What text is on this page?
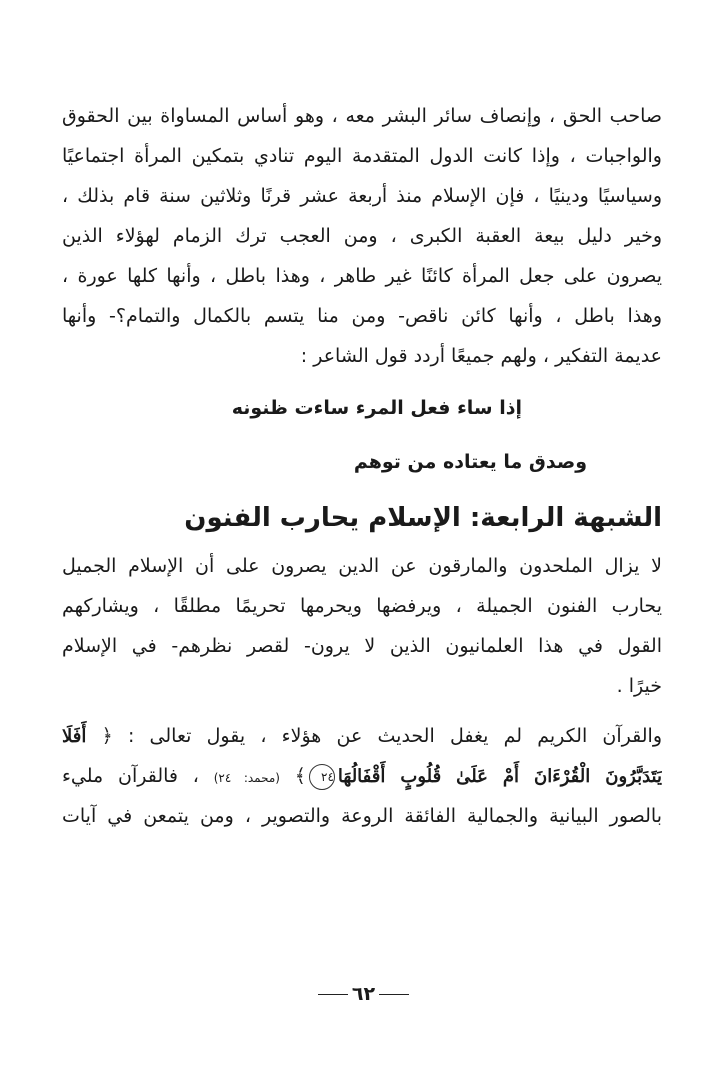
صاحب الحق ، وإنصاف سائر البشر معه ، وهو أساس المساواة بين الحقوق
والواجبات ، وإذا كانت الدول المتقدمة اليوم تنادي بتمكين المرأة اجتماعيًا
وسياسيًا ودينيًا ، فإن الإسلام منذ أربعة عشر قرنًا وثلاثين سنة قام بذلك ،
وخير دليل بيعة العقبة الكبرى ، ومن العجب ترك الزمام لهؤلاء الذين
يصرون على جعل المرأة كائنًا غير طاهر ، وهذا باطل ، وأنها كلها عورة ،
وهذا باطل ، وأنها كائن ناقص- ومن منا يتسم بالكمال والتمام؟- وأنها
عديمة التفكير ، ولهم جميعًا أردد قول الشاعر :
إذا ساء فعل المرء ساءت ظنونه
وصدق ما يعتاده من توهم
الشبهة الرابعة: الإسلام يحارب الفنون
لا يزال الملحدون والمارقون عن الدين يصرون على أن الإسلام الجميل
يحارب الفنون الجميلة ، ويرفضها ويحرمها تحريمًا مطلقًا ، ويشاركهم
القول في هذا العلمانيون الذين لا يرون- لقصر نظرهم- في الإسلام
خيرًا .
والقرآن الكريم لم يغفل الحديث عن هؤلاء ، يقول تعالى : ﴿ أَفَلَا
يَتَدَبَّرُونَ الْقُرْءَانَ أَمْ عَلَىٰ قُلُوبٍ أَقْفَالُهَا٢٤﴾ (محمد: ٢٤) ، فالقرآن مليء
بالصور البيانية والجمالية الفائقة الروعة والتصوير ، ومن يتمعن في آيات
٦٢
